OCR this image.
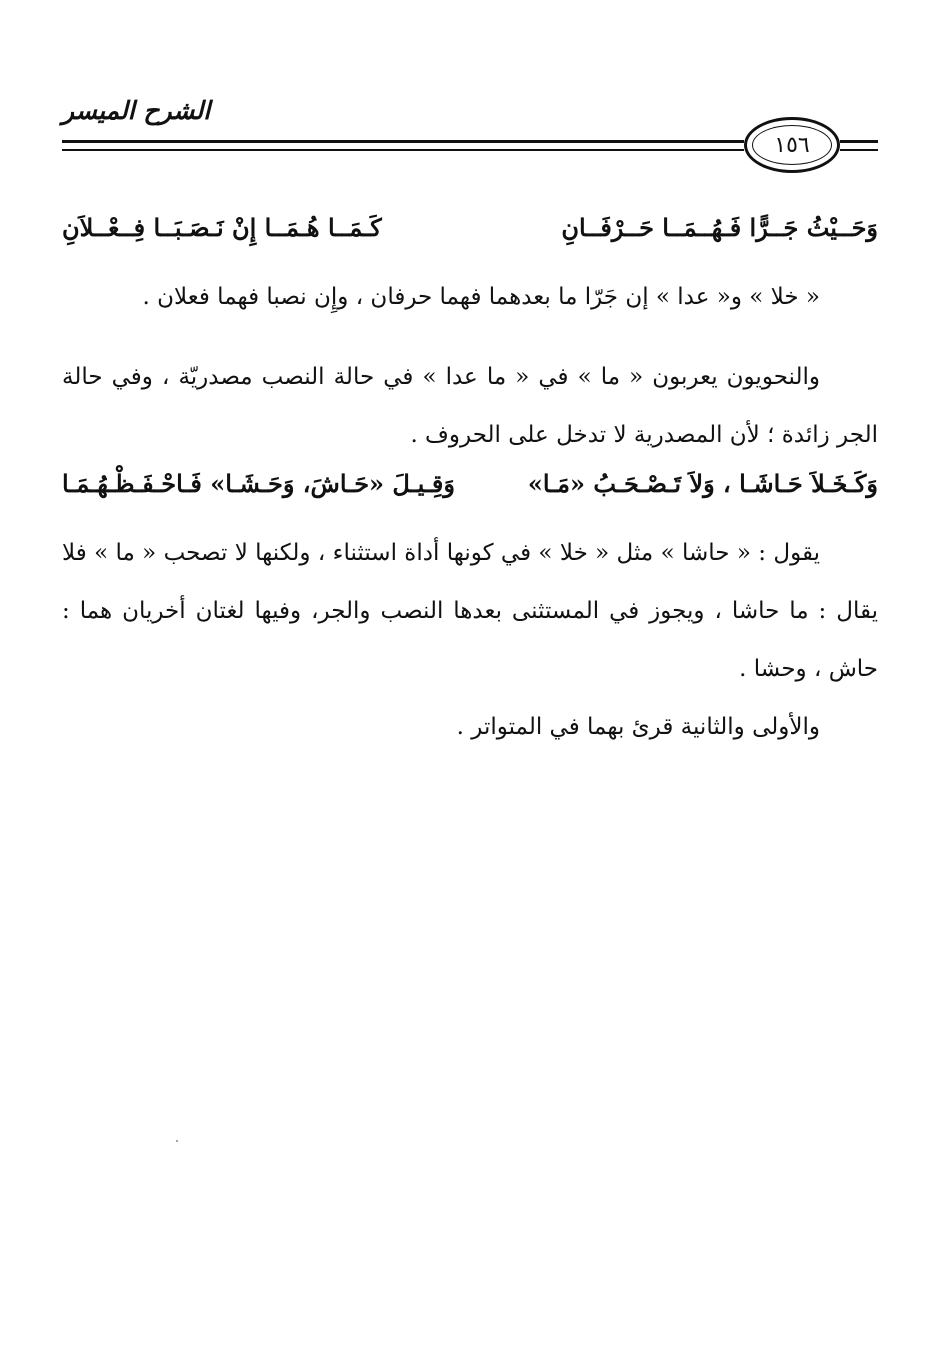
الشرح الميسر
١٥٦
وَحَــيْثُ جَــرًّا فَـهُــمَــا حَــرْفَــانِ
كَـمَــا هُـمَــا إِنْ نَـصَـبَــا فِــعْــلاَنِ

« خلا » و« عدا » إن جَرّا ما بعدهما فهما حرفان ، وإِن نصبا فهما فعلان .

والنحويون يعربون « ما » في « ما عدا » في حالة النصب مصدريّة ، وفي حالة الجر زائدة ؛ لأن المصدرية لا تدخل على الحروف .

وَكَـخَـلاَ حَـاشَـا ، وَلاَ تَـصْـحَـبُ «مَـا»
وَقِـيـلَ «حَـاشَ، وَحَـشَـا» فَـاحْـفَـظْـهُـمَـا

يقول : « حاشا » مثل « خلا » في كونها أداة استثناء ، ولكنها لا تصحب « ما » فلا يقال : ما حاشا ، ويجوز في المستثنى بعدها النصب والجر، وفيها لغتان أخريان هما : حاش ، وحشا .

والأولى والثانية قرئ بهما في المتواتر .
